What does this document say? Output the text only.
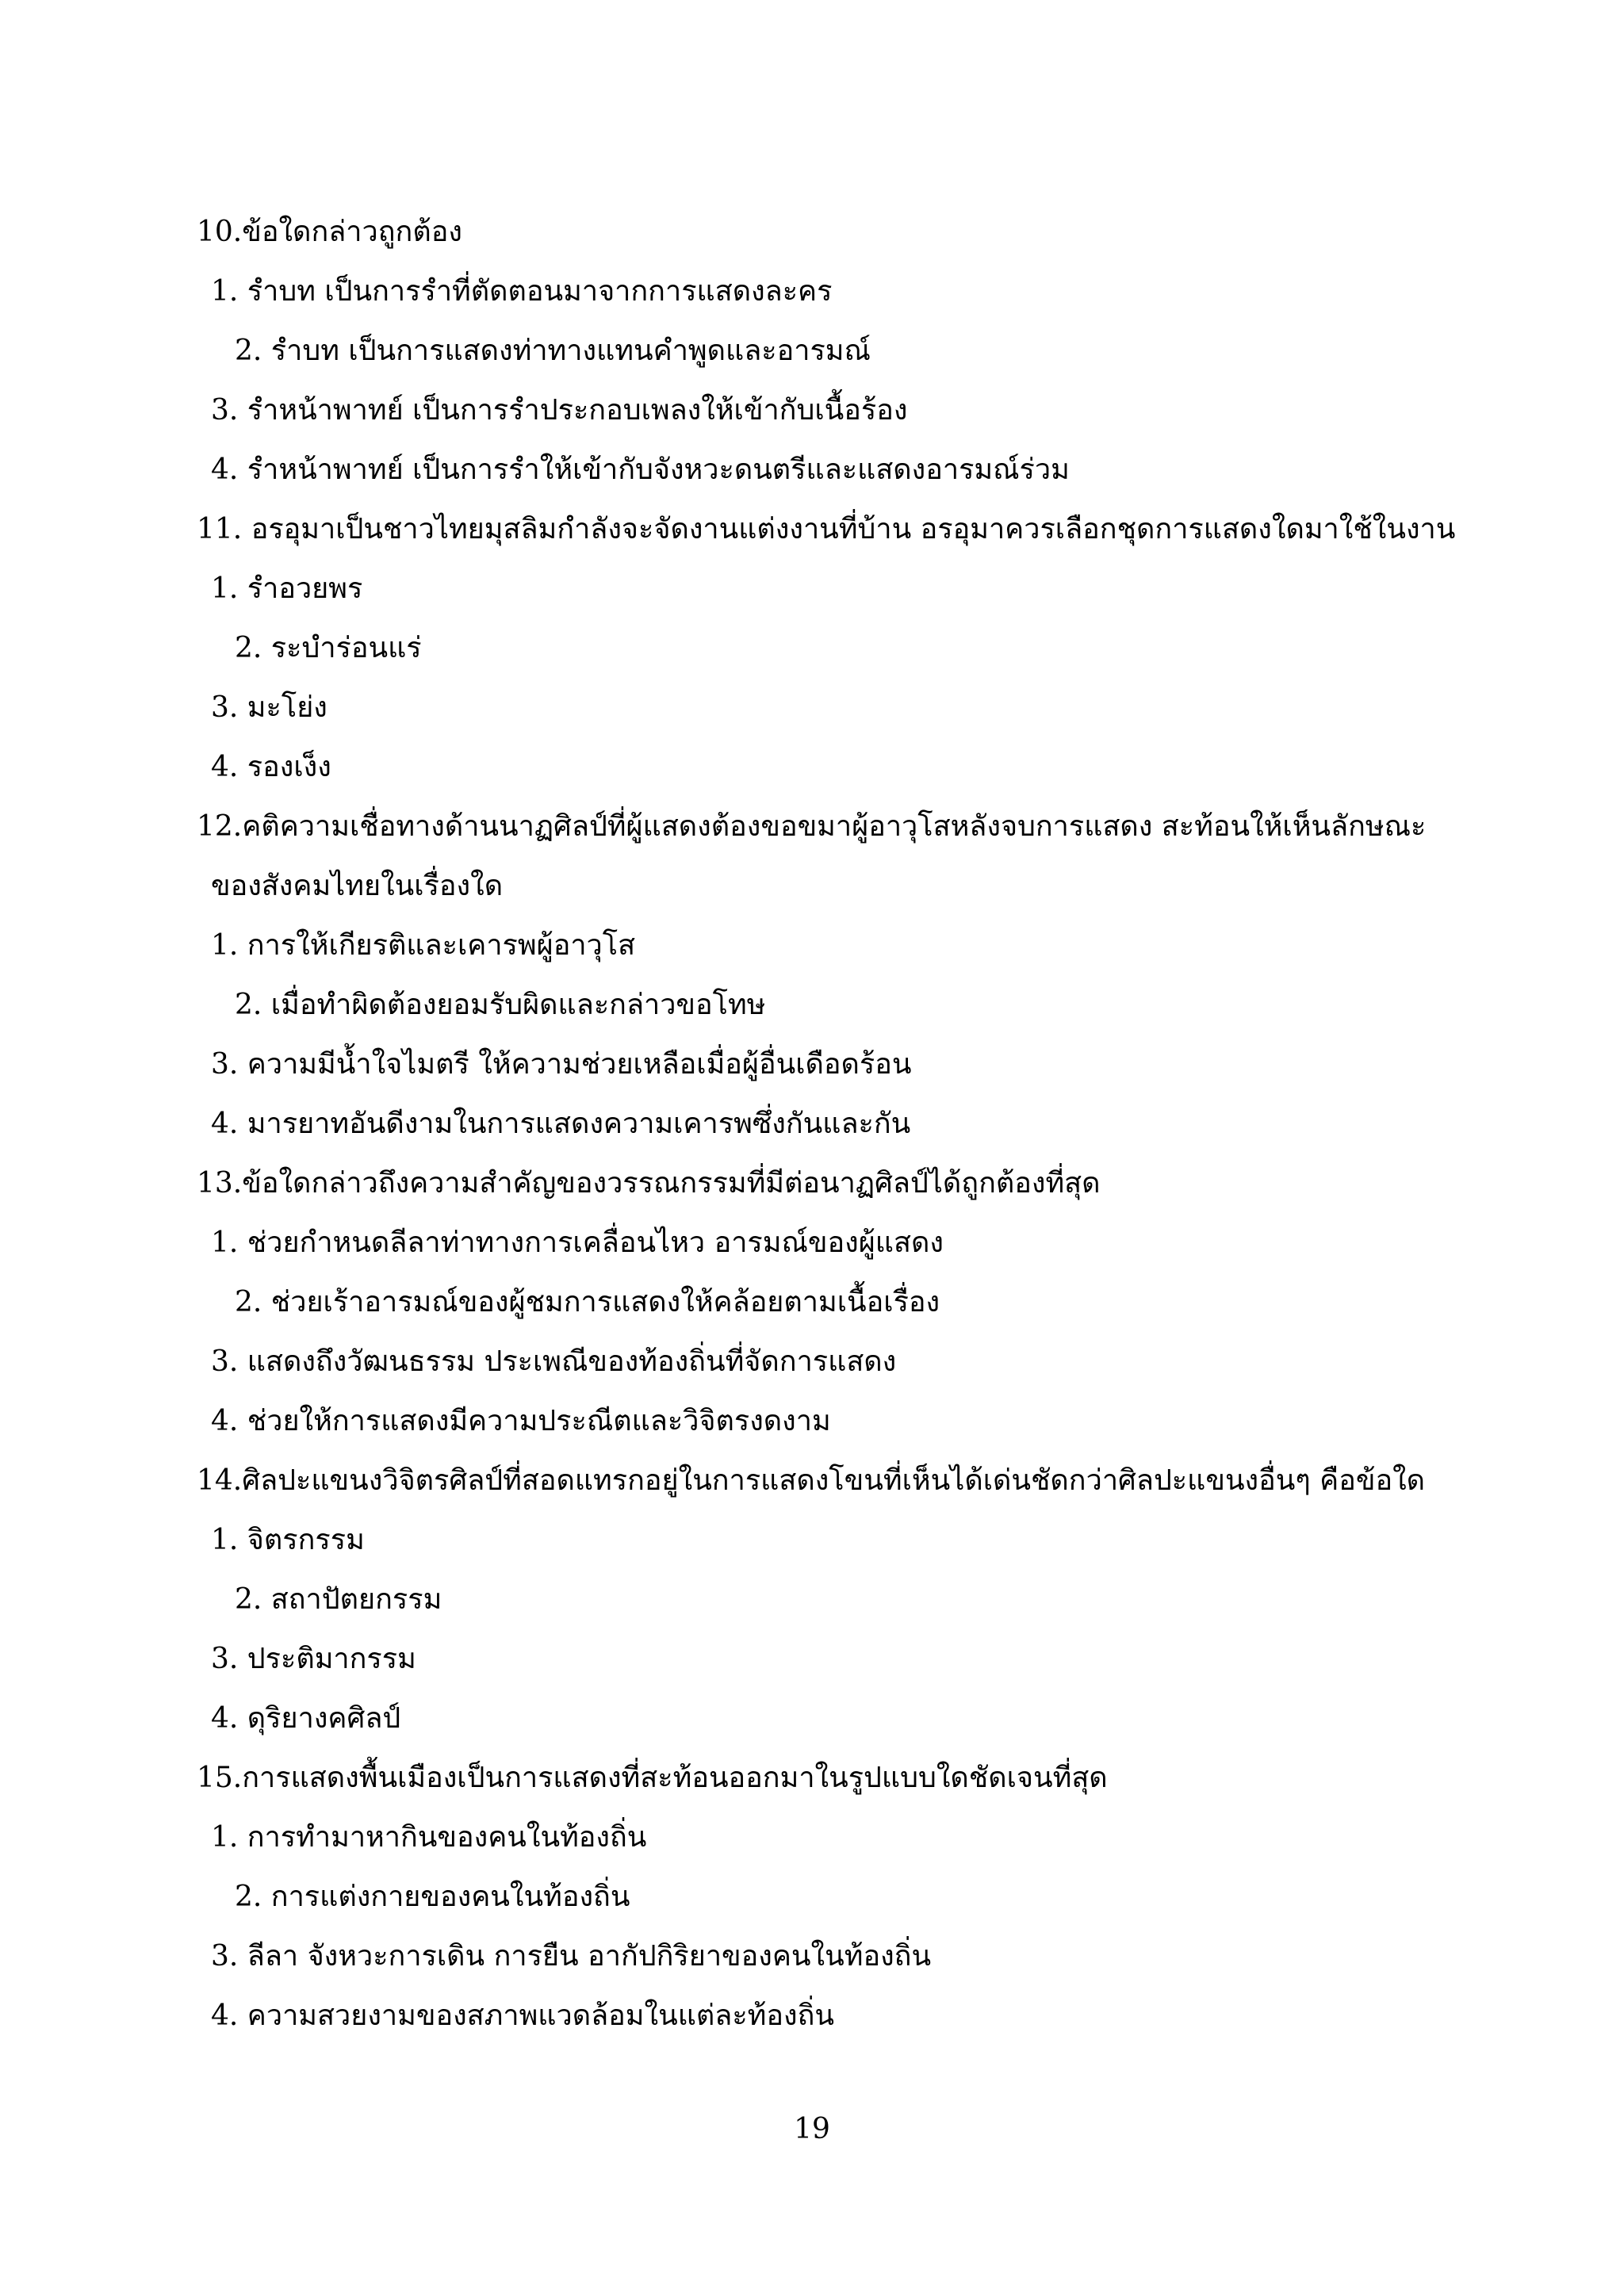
10.ข้อใดกล่าวถูกต้อง
1. รำบท เป็นการรำที่ตัดตอนมาจากการแสดงละคร
2. รำบท เป็นการแสดงท่าทางแทนคำพูดและอารมณ์
3. รำหน้าพาทย์ เป็นการรำประกอบเพลงให้เข้ากับเนื้อร้อง
4. รำหน้าพาทย์ เป็นการรำให้เข้ากับจังหวะดนตรีและแสดงอารมณ์ร่วม
11. อรอุมาเป็นชาวไทยมุสลิมกำลังจะจัดงานแต่งงานที่บ้าน อรอุมาควรเลือกชุดการแสดงใดมาใช้ในงาน
1. รำอวยพร
2. ระบำร่อนแร่
3. มะโย่ง
4. รองเง็ง
12.คติความเชื่อทางด้านนาฏศิลป์ที่ผู้แสดงต้องขอขมาผู้อาวุโสหลังจบการแสดง สะท้อนให้เห็นลักษณะ
ของสังคมไทยในเรื่องใด
1. การให้เกียรติและเคารพผู้อาวุโส
2. เมื่อทำผิดต้องยอมรับผิดและกล่าวขอโทษ
3. ความมีน้ำใจไมตรี ให้ความช่วยเหลือเมื่อผู้อื่นเดือดร้อน
4. มารยาทอันดีงามในการแสดงความเคารพซึ่งกันและกัน
13.ข้อใดกล่าวถึงความสำคัญของวรรณกรรมที่มีต่อนาฏศิลป์ได้ถูกต้องที่สุด
1. ช่วยกำหนดลีลาท่าทางการเคลื่อนไหว อารมณ์ของผู้แสดง
2. ช่วยเร้าอารมณ์ของผู้ชมการแสดงให้คล้อยตามเนื้อเรื่อง
3. แสดงถึงวัฒนธรรม ประเพณีของท้องถิ่นที่จัดการแสดง
4. ช่วยให้การแสดงมีความประณีตและวิจิตรงดงาม
14.ศิลปะแขนงวิจิตรศิลป์ที่สอดแทรกอยู่ในการแสดงโขนที่เห็นได้เด่นชัดกว่าศิลปะแขนงอื่นๆ คือข้อใด
1. จิตรกรรม
2. สถาปัตยกรรม
3. ประติมากรรม
4. ดุริยางคศิลป์
15.การแสดงพื้นเมืองเป็นการแสดงที่สะท้อนออกมาในรูปแบบใดชัดเจนที่สุด
1. การทำมาหากินของคนในท้องถิ่น
2. การแต่งกายของคนในท้องถิ่น
3. ลีลา จังหวะการเดิน การยืน อากัปกิริยาของคนในท้องถิ่น
4. ความสวยงามของสภาพแวดล้อมในแต่ละท้องถิ่น
19
